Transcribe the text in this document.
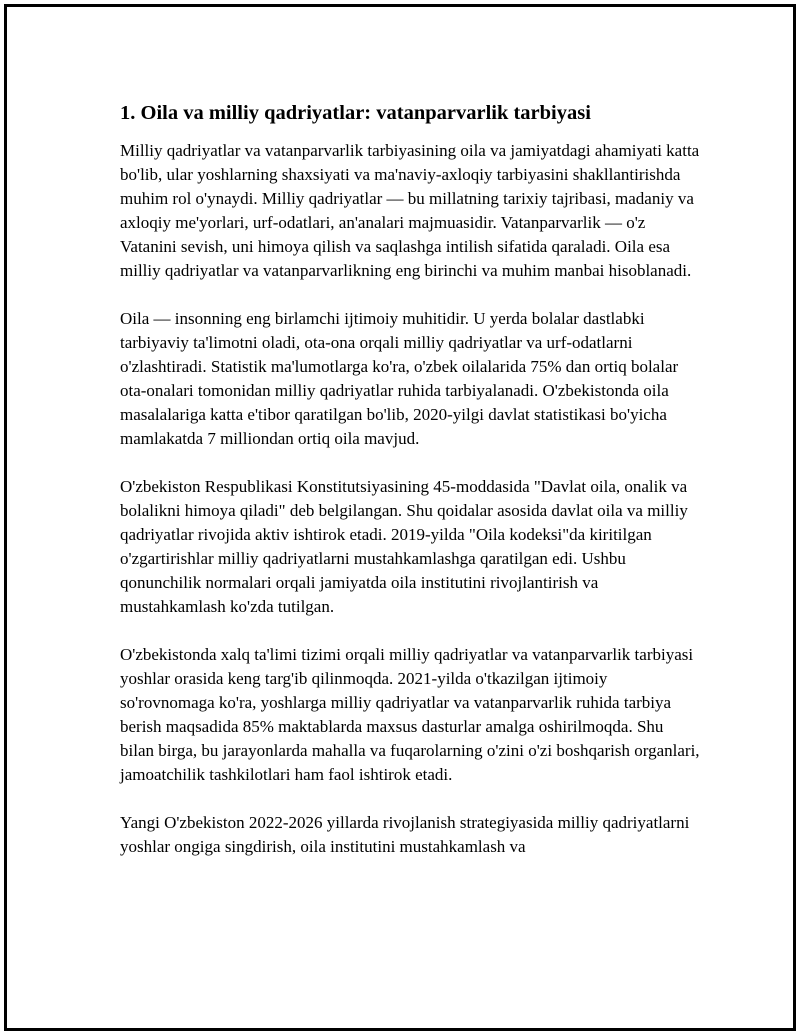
1. Oila va milliy qadriyatlar: vatanparvarlik tarbiyasi

Milliy qadriyatlar va vatanparvarlik tarbiyasining oila va jamiyatdagi ahamiyati katta bo'lib, ular yoshlarning shaxsiyati va ma'naviy-axloqiy tarbiyasini shakllantirishda muhim rol o'ynaydi. Milliy qadriyatlar — bu millatning tarixiy tajribasi, madaniy va axloqiy me'yorlari, urf-odatlari, an'analari majmuasidir. Vatanparvarlik — o'z Vatanini sevish, uni himoya qilish va saqlashga intilish sifatida qaraladi. Oila esa milliy qadriyatlar va vatanparvarlikning eng birinchi va muhim manbai hisoblanadi.

Oila — insonning eng birlamchi ijtimoiy muhitidir. U yerda bolalar dastlabki tarbiyaviy ta'limotni oladi, ota-ona orqali milliy qadriyatlar va urf-odatlarni o'zlashtiradi. Statistik ma'lumotlarga ko'ra, o'zbek oilalarida 75% dan ortiq bolalar ota-onalari tomonidan milliy qadriyatlar ruhida tarbiyalanadi. O'zbekistonda oila masalalariga katta e'tibor qaratilgan bo'lib, 2020-yilgi davlat statistikasi bo'yicha mamlakatda 7 milliondan ortiq oila mavjud.

O'zbekiston Respublikasi Konstitutsiyasining 45-moddasida "Davlat oila, onalik va bolalikni himoya qiladi" deb belgilangan. Shu qoidalar asosida davlat oila va milliy qadriyatlar rivojida aktiv ishtirok etadi. 2019-yilda "Oila kodeksi"da kiritilgan o'zgartirishlar milliy qadriyatlarni mustahkamlashga qaratilgan edi. Ushbu qonunchilik normalari orqali jamiyatda oila institutini rivojlantirish va mustahkamlash ko'zda tutilgan.

O'zbekistonda xalq ta'limi tizimi orqali milliy qadriyatlar va vatanparvarlik tarbiyasi yoshlar orasida keng targ'ib qilinmoqda. 2021-yilda o'tkazilgan ijtimoiy so'rovnomaga ko'ra, yoshlarga milliy qadriyatlar va vatanparvarlik ruhida tarbiya berish maqsadida 85% maktablarda maxsus dasturlar amalga oshirilmoqda. Shu bilan birga, bu jarayonlarda mahalla va fuqarolarning o'zini o'zi boshqarish organlari, jamoatchilik tashkilotlari ham faol ishtirok etadi.

Yangi O'zbekiston 2022-2026 yillarda rivojlanish strategiyasida milliy qadriyatlarni yoshlar ongiga singdirish, oila institutini mustahkamlash va
